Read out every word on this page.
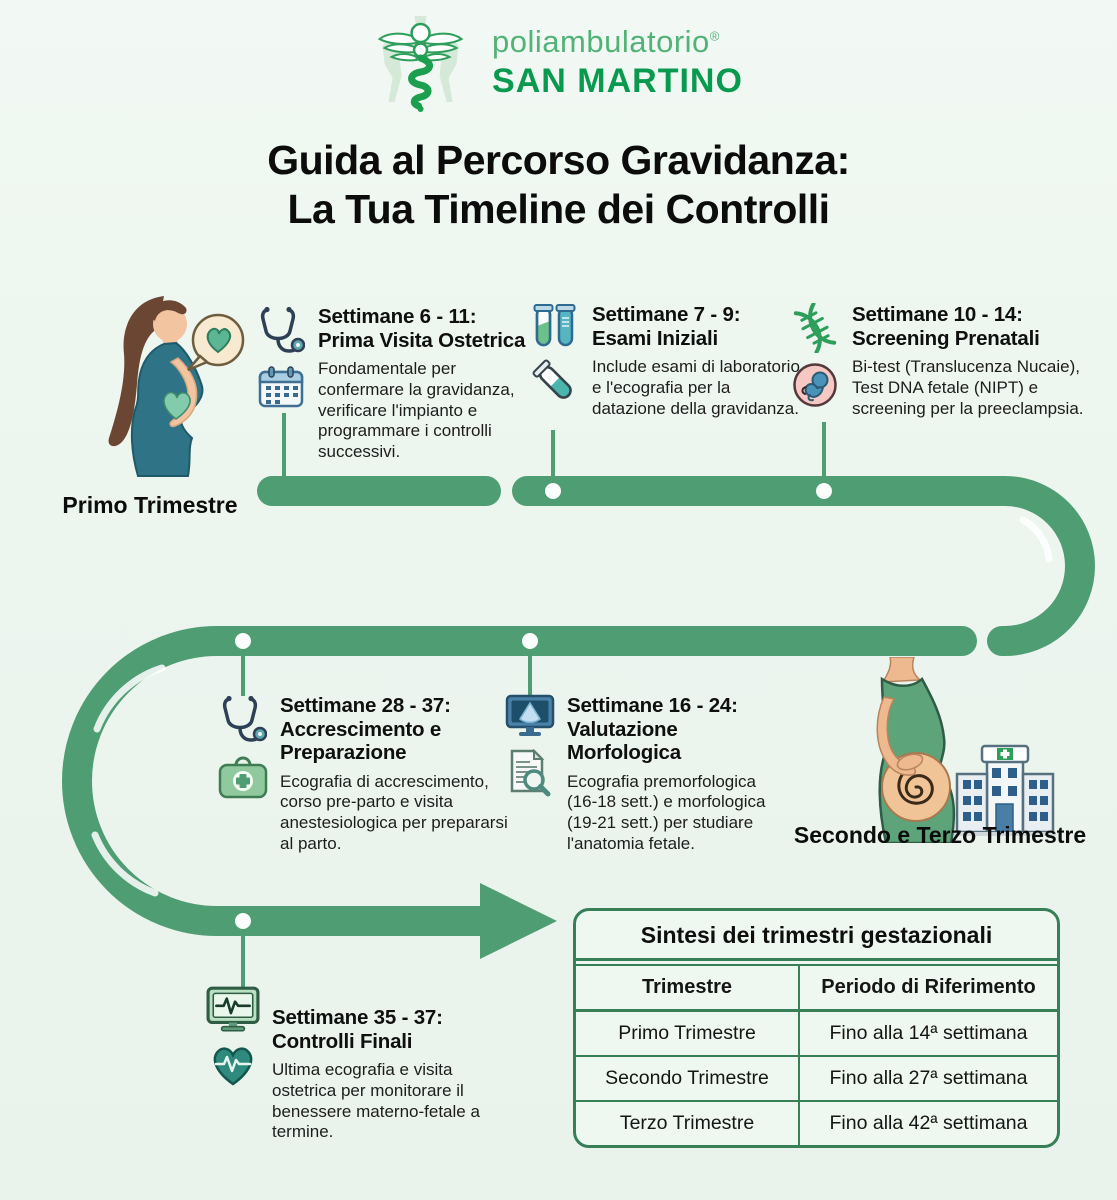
poliambulatorio®
SAN MARTINO
Guida al Percorso Gravidanza:
La Tua Timeline dei Controlli
Primo Trimestre
Settimane 6 - 11:
Prima Visita Ostetrica
Fondamentale per confermare la gravidanza, verificare l'impianto e programmare i controlli successivi.
Settimane 7 - 9:
Esami Iniziali
Include esami di laboratorio e l'ecografia per la datazione della gravidanza.
Settimane 10 - 14:
Screening Prenatali
Bi-test (Translucenza Nucaie), Test DNA fetale (NIPT) e screening per la preeclampsia.
Settimane 28 - 37:
Accrescimento e Preparazione
Ecografia di accrescimento, corso pre-parto e visita anestesiologica per prepararsi al parto.
Settimane 16 - 24:
Valutazione Morfologica
Ecografia premorfologica (16-18 sett.) e morfologica (19-21 sett.) per studiare l'anatomia fetale.	Secondo e Terzo Trimestre
Settimane 35 - 37:
Controlli Finali
Ultima ecografia e visita ostetrica per monitorare il benessere materno-fetale a termine.
Sintesi dei trimestri gestazionali
Trimestre	Periodo di Riferimento
Primo Trimestre	Fino alla 14ª settimana
Secondo Trimestre	Fino alla 27ª settimana
Terzo Trimestre	Fino alla 42ª settimana
